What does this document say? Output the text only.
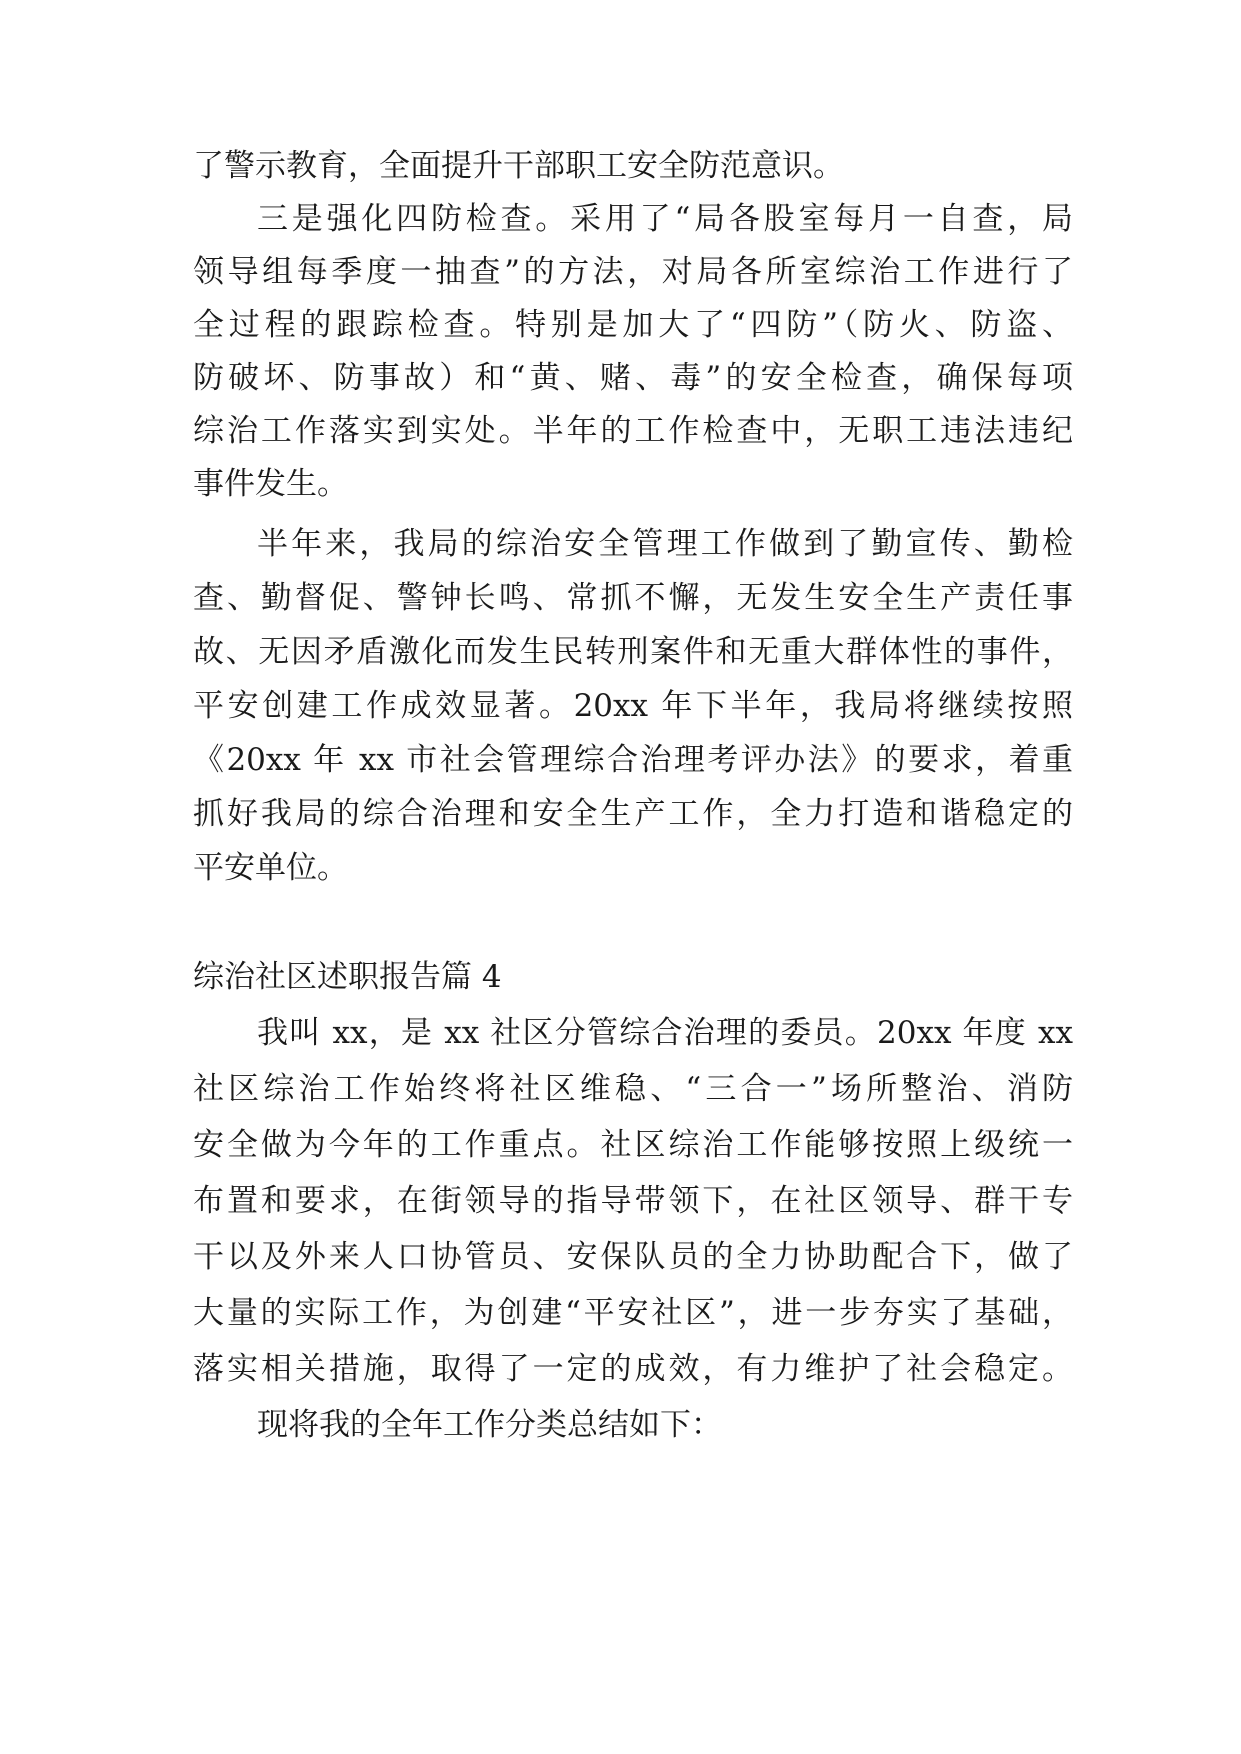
了警示教育，全面提升干部职工安全防范意识。
三是强化四防检查。采用了“局各股室每月一自查，局
领导组每季度一抽查”的方法，对局各所室综治工作进行了
全过程的跟踪检查。特别是加大了“四防”（防火、防盗、
防破坏、防事故）和“黄、赌、毒”的安全检查，确保每项
综治工作落实到实处。半年的工作检查中，无职工违法违纪
事件发生。
半年来，我局的综治安全管理工作做到了勤宣传、勤检
查、勤督促、警钟长鸣、常抓不懈，无发生安全生产责任事
故、无因矛盾激化而发生民转刑案件和无重大群体性的事件，
平安创建工作成效显著。20xx 年下半年，我局将继续按照
《20xx 年 xx 市社会管理综合治理考评办法》的要求，着重
抓好我局的综合治理和安全生产工作，全力打造和谐稳定的
平安单位。
综治社区述职报告篇 4
我叫 xx，是 xx 社区分管综合治理的委员。20xx 年度 xx
社区综治工作始终将社区维稳、“三合一”场所整治、消防
安全做为今年的工作重点。社区综治工作能够按照上级统一
布置和要求，在街领导的指导带领下，在社区领导、群干专
干以及外来人口协管员、安保队员的全力协助配合下，做了
大量的实际工作，为创建“平安社区”，进一步夯实了基础，
落实相关措施，取得了一定的成效，有力维护了社会稳定。
现将我的全年工作分类总结如下：
